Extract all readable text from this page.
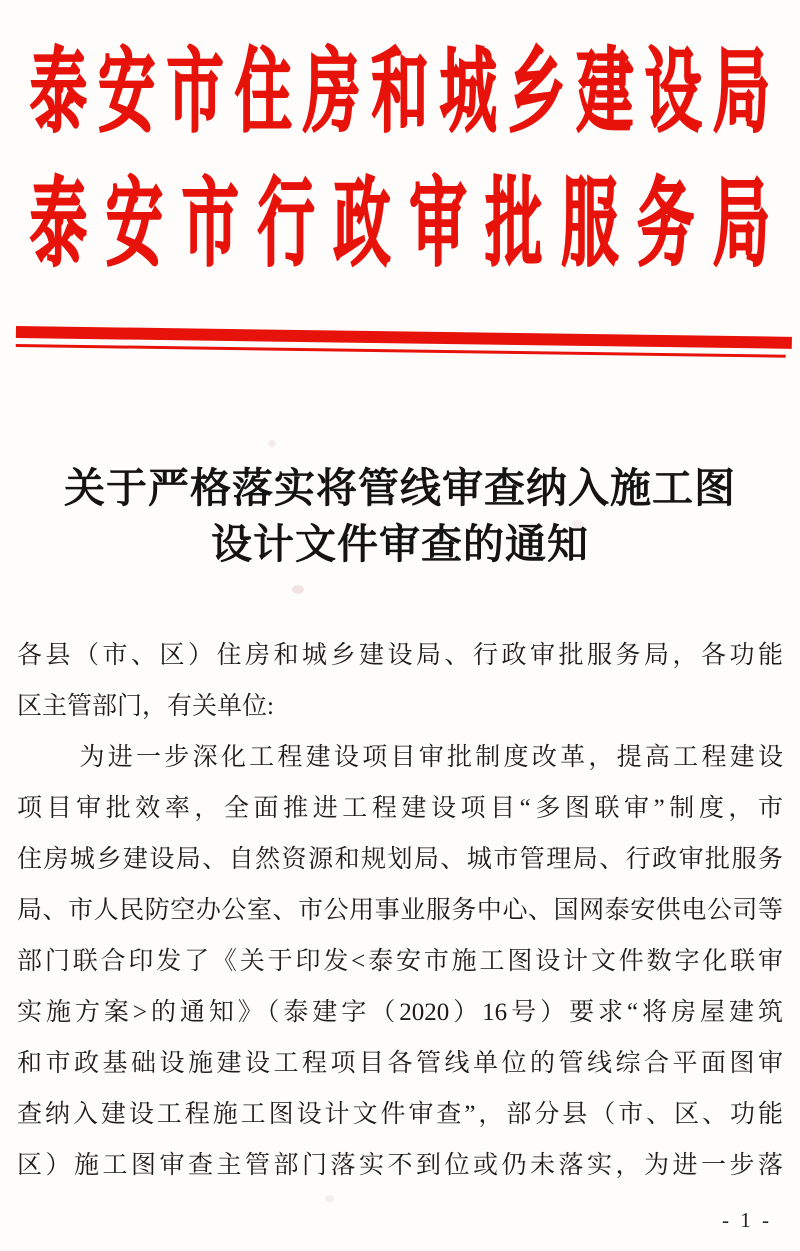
泰安市住房和城乡建设局
泰安市行政审批服务局
关于严格落实将管线审查纳入施工图
设计文件审查的通知
各县（市、区）住房和城乡建设局、行政审批服务局，各功能
区主管部门，有关单位:
为进一步深化工程建设项目审批制度改革，提高工程建设
项目审批效率，全面推进工程建设项目“多图联审”制度，市
住房城乡建设局、自然资源和规划局、城市管理局、行政审批服务
局、市人民防空办公室、市公用事业服务中心、国网泰安供电公司等
部门联合印发了《关于印发<泰安市施工图设计文件数字化联审
实施方案>的通知》（泰建字（2020）16号）要求“将房屋建筑
和市政基础设施建设工程项目各管线单位的管线综合平面图审
查纳入建设工程施工图设计文件审查”，部分县（市、区、功能
区）施工图审查主管部门落实不到位或仍未落实，为进一步落
- 1 -
